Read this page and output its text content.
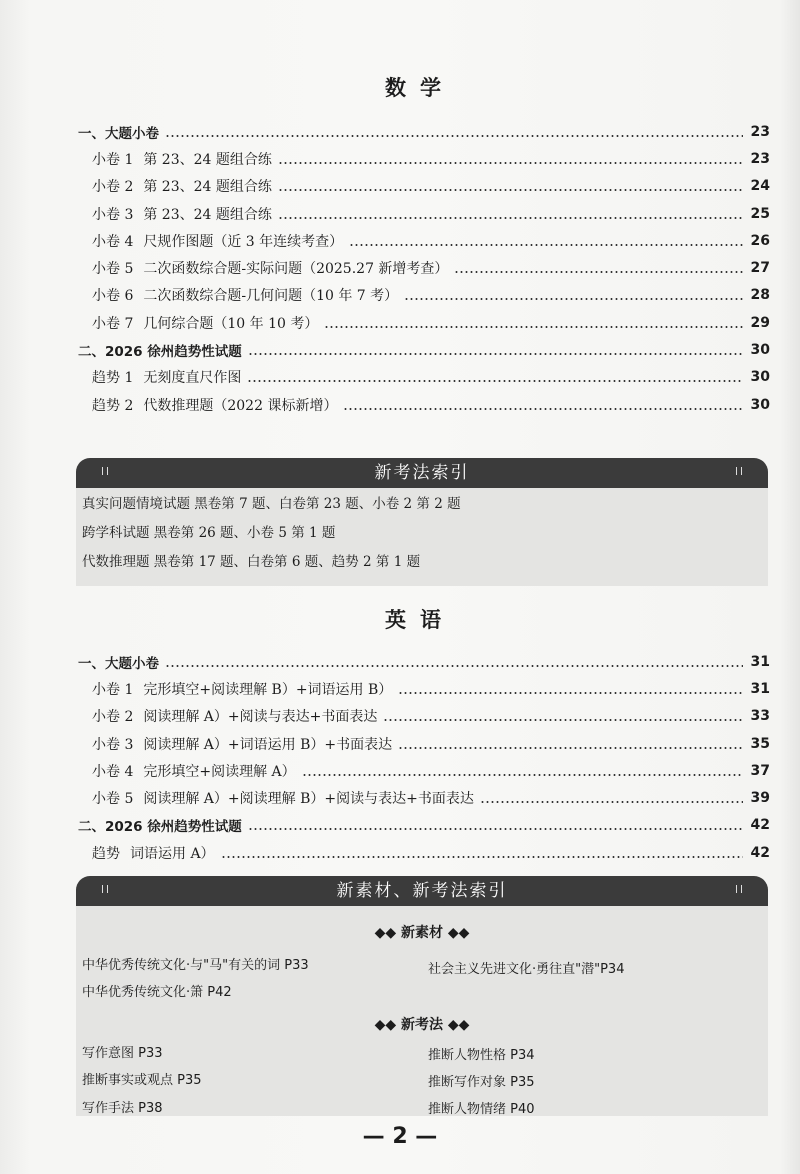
数学
一、大题小卷	23
小卷 1 第 23、24 题组合练	23
小卷 2 第 23、24 题组合练	24
小卷 3 第 23、24 题组合练	25
小卷 4 尺规作图题（近 3 年连续考查）	26
小卷 5 二次函数综合题-实际问题（2025.27 新增考查）	27
小卷 6 二次函数综合题-几何问题（10 年 7 考）	28
小卷 7 几何综合题（10 年 10 考）	29
二、2026 徐州趋势性试题	30
趋势 1 无刻度直尺作图	30
趋势 2 代数推理题（2022 课标新增）	30
新考法索引
真实问题情境试题 黑卷第 7 题、白卷第 23 题、小卷 2 第 2 题
跨学科试题 黑卷第 26 题、小卷 5 第 1 题
代数推理题 黑卷第 17 题、白卷第 6 题、趋势 2 第 1 题
英语
一、大题小卷	31
小卷 1 完形填空+阅读理解 B）+词语运用 B）	31
小卷 2 阅读理解 A）+阅读与表达+书面表达	33
小卷 3 阅读理解 A）+词语运用 B）+书面表达	35
小卷 4 完形填空+阅读理解 A）	37
小卷 5 阅读理解 A）+阅读理解 B）+阅读与表达+书面表达	39
二、2026 徐州趋势性试题	42
趋势 词语运用 A）	42
新素材、新考法索引
◆◆ 新素材 ◆◆
中华优秀传统文化·与"马"有关的词 P33	社会主义先进文化·勇往直"潜"P34
中华优秀传统文化·箫 P42
◆◆ 新考法 ◆◆
写作意图 P33	推断人物性格 P34
推断事实或观点 P35	推断写作对象 P35
写作手法 P38	推断人物情绪 P40
— 2 —
